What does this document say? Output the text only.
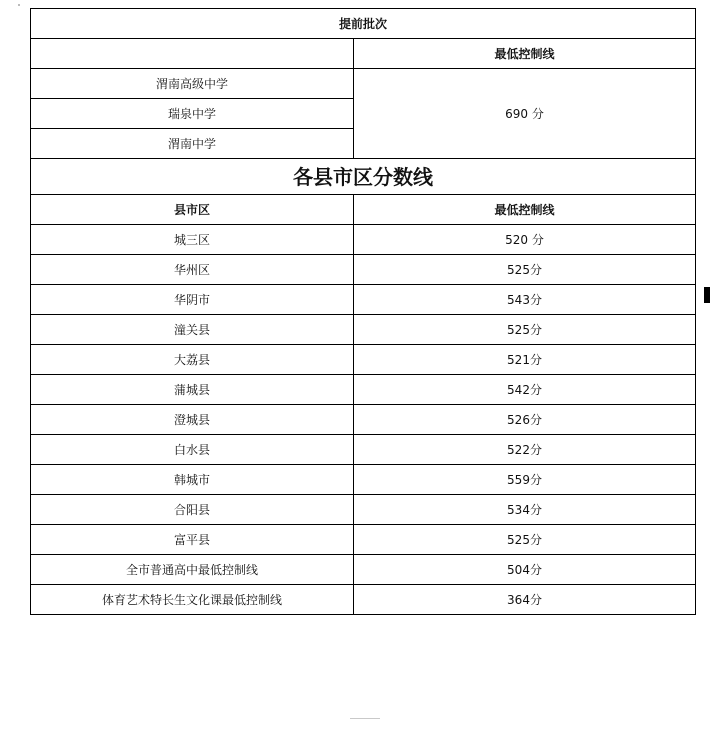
提前批次	
	最低控制线
渭南高级中学	690 分
瑞泉中学	
渭南中学	
各县市区分数线	
县市区	最低控制线
城三区	520 分
华州区	525分
华阴市	543分
潼关县	525分
大荔县	521分
蒲城县	542分
澄城县	526分
白水县	522分
韩城市	559分
合阳县	534分
富平县	525分
全市普通高中最低控制线	504分
体育艺术特长生文化课最低控制线	364分
